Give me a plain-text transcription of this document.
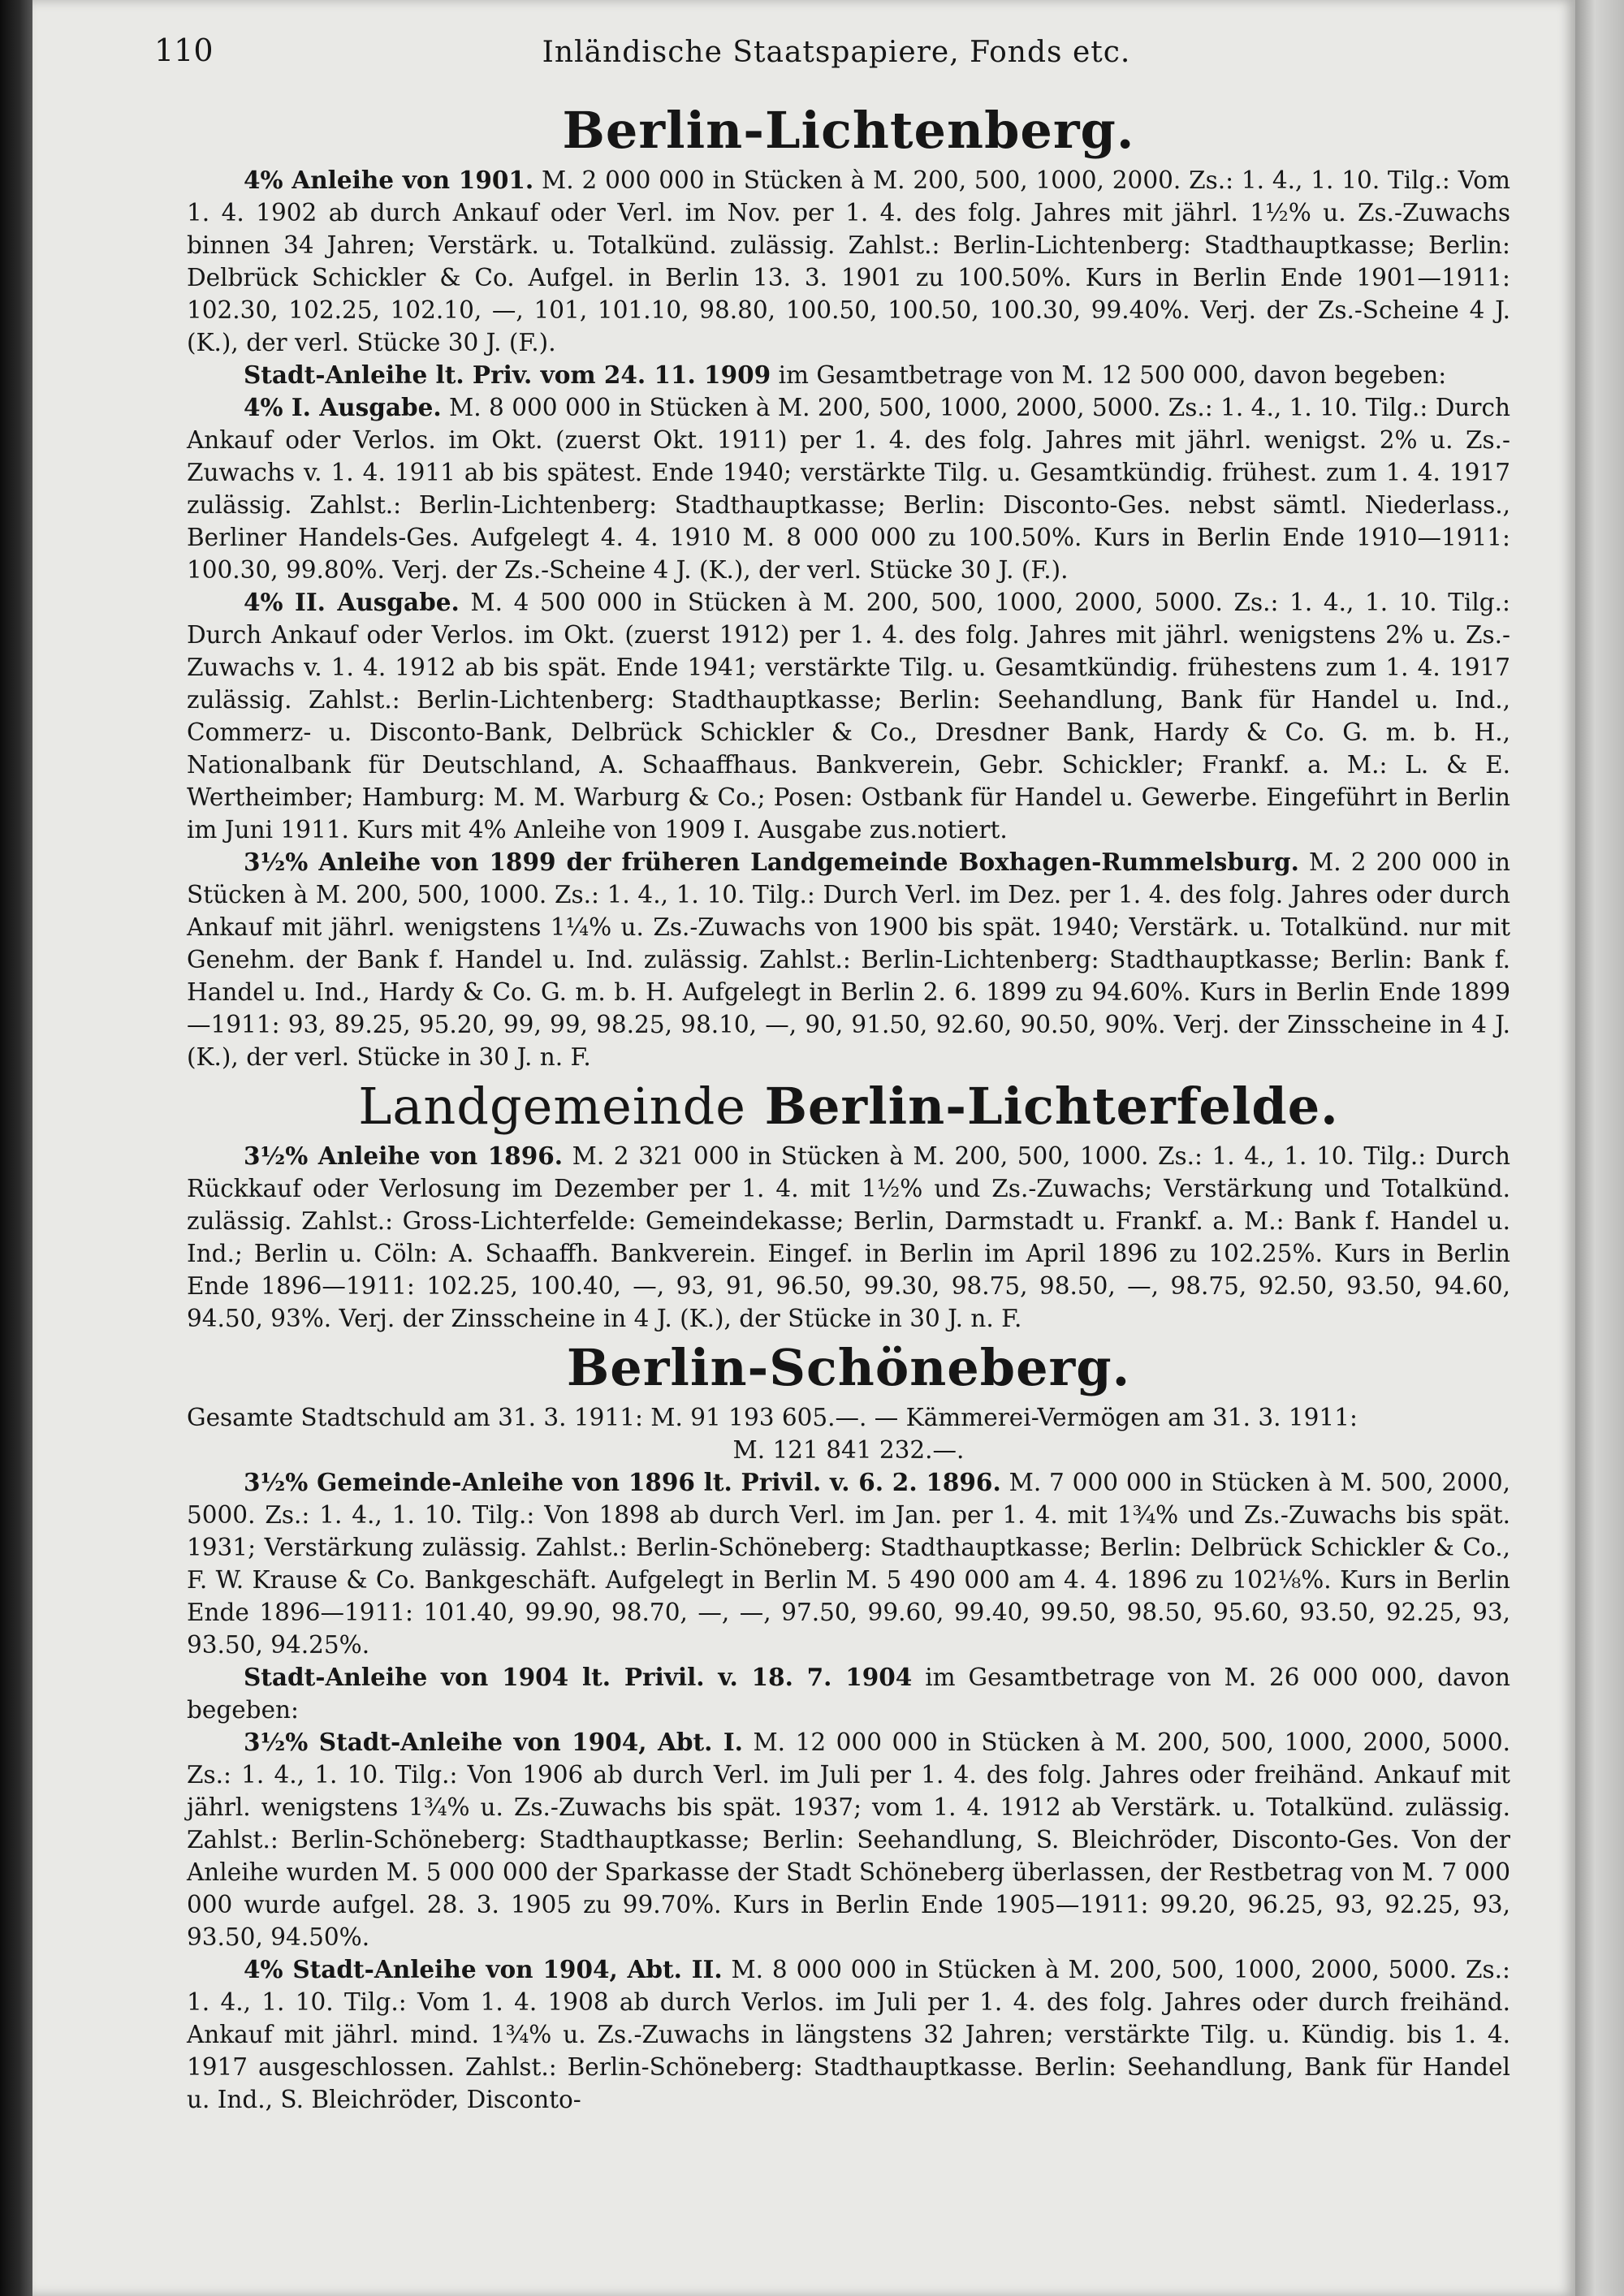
110	Inländische Staatspapiere, Fonds etc.
Berlin-Lichtenberg.

4% Anleihe von 1901. M. 2 000 000 in Stücken à M. 200, 500, 1000, 2000. Zs.: 1. 4., 1. 10. Tilg.: Vom 1. 4. 1902 ab durch Ankauf oder Verl. im Nov. per 1. 4. des folg. Jahres mit jährl. 1½% u. Zs.-Zuwachs binnen 34 Jahren; Verstärk. u. Totalkünd. zulässig. Zahlst.: Berlin-Lichtenberg: Stadthauptkasse; Berlin: Delbrück Schickler & Co. Aufgel. in Berlin 13. 3. 1901 zu 100.50%. Kurs in Berlin Ende 1901—1911: 102.30, 102.25, 102.10, —, 101, 101.10, 98.80, 100.50, 100.50, 100.30, 99.40%. Verj. der Zs.-Scheine 4 J. (K.), der verl. Stücke 30 J. (F.).

Stadt-Anleihe lt. Priv. vom 24. 11. 1909 im Gesamtbetrage von M. 12 500 000, davon begeben:

4% I. Ausgabe. M. 8 000 000 in Stücken à M. 200, 500, 1000, 2000, 5000. Zs.: 1. 4., 1. 10. Tilg.: Durch Ankauf oder Verlos. im Okt. (zuerst Okt. 1911) per 1. 4. des folg. Jahres mit jährl. wenigst. 2% u. Zs.-Zuwachs v. 1. 4. 1911 ab bis spätest. Ende 1940; verstärkte Tilg. u. Gesamtkündig. frühest. zum 1. 4. 1917 zulässig. Zahlst.: Berlin-Lichtenberg: Stadthauptkasse; Berlin: Disconto-Ges. nebst sämtl. Niederlass., Berliner Handels-Ges. Aufgelegt 4. 4. 1910 M. 8 000 000 zu 100.50%. Kurs in Berlin Ende 1910—1911: 100.30, 99.80%. Verj. der Zs.-Scheine 4 J. (K.), der verl. Stücke 30 J. (F.).

4% II. Ausgabe. M. 4 500 000 in Stücken à M. 200, 500, 1000, 2000, 5000. Zs.: 1. 4., 1. 10. Tilg.: Durch Ankauf oder Verlos. im Okt. (zuerst 1912) per 1. 4. des folg. Jahres mit jährl. wenigstens 2% u. Zs.-Zuwachs v. 1. 4. 1912 ab bis spät. Ende 1941; verstärkte Tilg. u. Gesamtkündig. frühestens zum 1. 4. 1917 zulässig. Zahlst.: Berlin-Lichtenberg: Stadthauptkasse; Berlin: Seehandlung, Bank für Handel u. Ind., Commerz- u. Disconto-Bank, Delbrück Schickler & Co., Dresdner Bank, Hardy & Co. G. m. b. H., Nationalbank für Deutschland, A. Schaaffhaus. Bankverein, Gebr. Schickler; Frankf. a. M.: L. & E. Wertheimber; Hamburg: M. M. Warburg & Co.; Posen: Ostbank für Handel u. Gewerbe. Eingeführt in Berlin im Juni 1911. Kurs mit 4% Anleihe von 1909 I. Ausgabe zus.notiert.

3½% Anleihe von 1899 der früheren Landgemeinde Boxhagen-Rummelsburg. M. 2 200 000 in Stücken à M. 200, 500, 1000. Zs.: 1. 4., 1. 10. Tilg.: Durch Verl. im Dez. per 1. 4. des folg. Jahres oder durch Ankauf mit jährl. wenigstens 1¼% u. Zs.-Zuwachs von 1900 bis spät. 1940; Verstärk. u. Totalkünd. nur mit Genehm. der Bank f. Handel u. Ind. zulässig. Zahlst.: Berlin-Lichtenberg: Stadthauptkasse; Berlin: Bank f. Handel u. Ind., Hardy & Co. G. m. b. H. Aufgelegt in Berlin 2. 6. 1899 zu 94.60%. Kurs in Berlin Ende 1899—1911: 93, 89.25, 95.20, 99, 99, 98.25, 98.10, —, 90, 91.50, 92.60, 90.50, 90%. Verj. der Zinsscheine in 4 J. (K.), der verl. Stücke in 30 J. n. F.

Landgemeinde Berlin-Lichterfelde.

3½% Anleihe von 1896. M. 2 321 000 in Stücken à M. 200, 500, 1000. Zs.: 1. 4., 1. 10. Tilg.: Durch Rückkauf oder Verlosung im Dezember per 1. 4. mit 1½% und Zs.-Zuwachs; Verstärkung und Totalkünd. zulässig. Zahlst.: Gross-Lichterfelde: Gemeindekasse; Berlin, Darmstadt u. Frankf. a. M.: Bank f. Handel u. Ind.; Berlin u. Cöln: A. Schaaffh. Bankverein. Eingef. in Berlin im April 1896 zu 102.25%. Kurs in Berlin Ende 1896—1911: 102.25, 100.40, —, 93, 91, 96.50, 99.30, 98.75, 98.50, —, 98.75, 92.50, 93.50, 94.60, 94.50, 93%. Verj. der Zinsscheine in 4 J. (K.), der Stücke in 30 J. n. F.

Berlin-Schöneberg.

Gesamte Stadtschuld am 31. 3. 1911: M. 91 193 605.—. — Kämmerei-Vermögen am 31. 3. 1911:

M. 121 841 232.—.

3½% Gemeinde-Anleihe von 1896 lt. Privil. v. 6. 2. 1896. M. 7 000 000 in Stücken à M. 500, 2000, 5000. Zs.: 1. 4., 1. 10. Tilg.: Von 1898 ab durch Verl. im Jan. per 1. 4. mit 1¾% und Zs.-Zuwachs bis spät. 1931; Verstärkung zulässig. Zahlst.: Berlin-Schöneberg: Stadthauptkasse; Berlin: Delbrück Schickler & Co., F. W. Krause & Co. Bankgeschäft. Aufgelegt in Berlin M. 5 490 000 am 4. 4. 1896 zu 102⅛%. Kurs in Berlin Ende 1896—1911: 101.40, 99.90, 98.70, —, —, 97.50, 99.60, 99.40, 99.50, 98.50, 95.60, 93.50, 92.25, 93, 93.50, 94.25%.

Stadt-Anleihe von 1904 lt. Privil. v. 18. 7. 1904 im Gesamtbetrage von M. 26 000 000, davon begeben:

3½% Stadt-Anleihe von 1904, Abt. I. M. 12 000 000 in Stücken à M. 200, 500, 1000, 2000, 5000. Zs.: 1. 4., 1. 10. Tilg.: Von 1906 ab durch Verl. im Juli per 1. 4. des folg. Jahres oder freihänd. Ankauf mit jährl. wenigstens 1¾% u. Zs.-Zuwachs bis spät. 1937; vom 1. 4. 1912 ab Verstärk. u. Totalkünd. zulässig. Zahlst.: Berlin-Schöneberg: Stadthauptkasse; Berlin: Seehandlung, S. Bleichröder, Disconto-Ges. Von der Anleihe wurden M. 5 000 000 der Sparkasse der Stadt Schöneberg überlassen, der Restbetrag von M. 7 000 000 wurde aufgel. 28. 3. 1905 zu 99.70%. Kurs in Berlin Ende 1905—1911: 99.20, 96.25, 93, 92.25, 93, 93.50, 94.50%.

4% Stadt-Anleihe von 1904, Abt. II. M. 8 000 000 in Stücken à M. 200, 500, 1000, 2000, 5000. Zs.: 1. 4., 1. 10. Tilg.: Vom 1. 4. 1908 ab durch Verlos. im Juli per 1. 4. des folg. Jahres oder durch freihänd. Ankauf mit jährl. mind. 1¾% u. Zs.-Zuwachs in längstens 32 Jahren; verstärkte Tilg. u. Kündig. bis 1. 4. 1917 ausgeschlossen. Zahlst.: Berlin-Schöneberg: Stadthauptkasse. Berlin: Seehandlung, Bank für Handel u. Ind., S. Bleichröder, Disconto-
